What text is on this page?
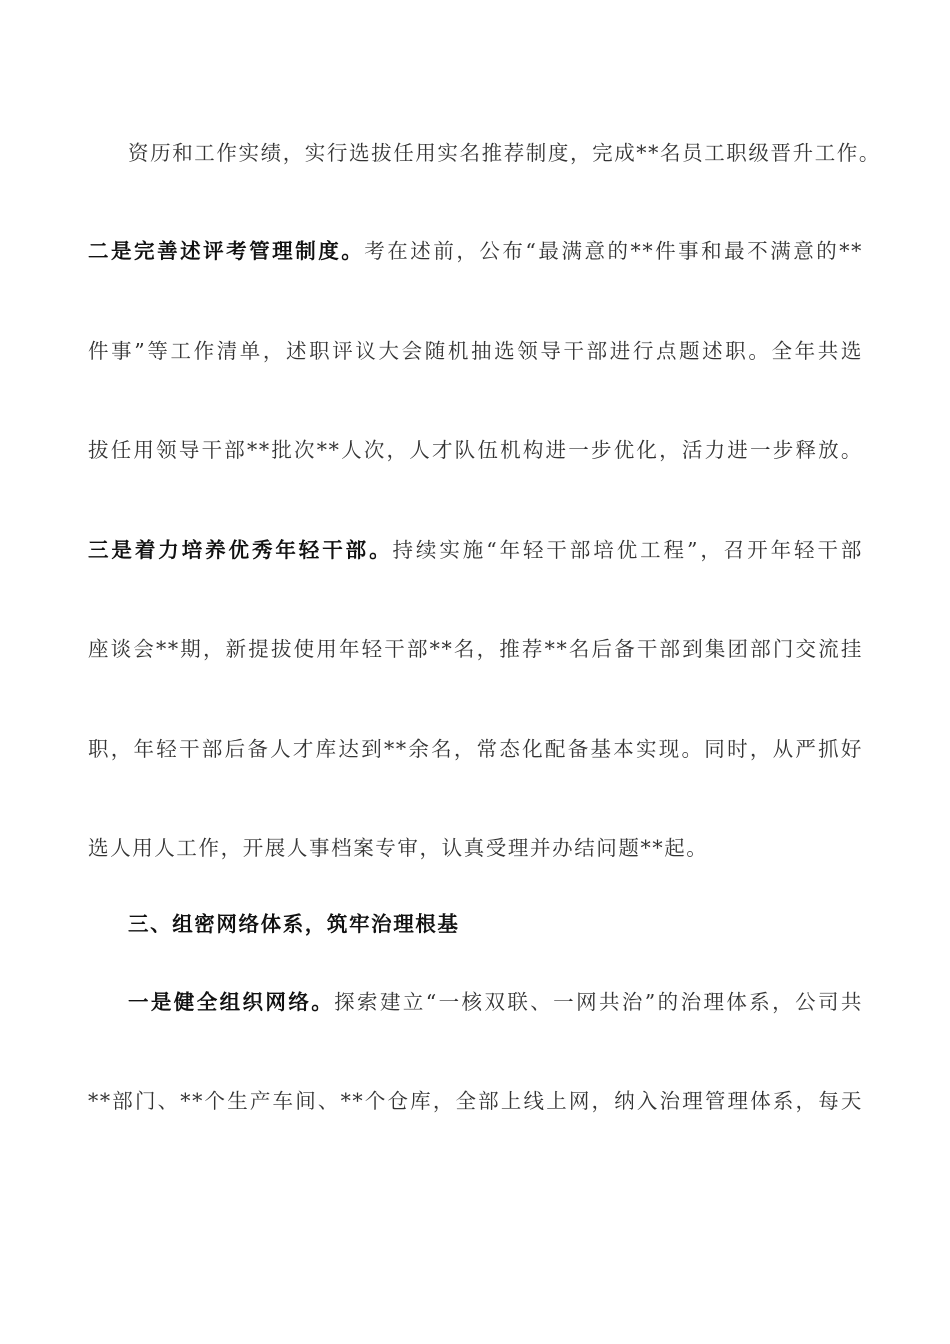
资历和工作实绩，实行选拔任用实名推荐制度，完成**名员工职级晋升工作。
二是完善述评考管理制度。考在述前，公布“最满意的**件事和最不满意的**
件事”等工作清单，述职评议大会随机抽选领导干部进行点题述职。全年共选
拔任用领导干部**批次**人次，人才队伍机构进一步优化，活力进一步释放。
三是着力培养优秀年轻干部。持续实施“年轻干部培优工程”，召开年轻干部
座谈会**期，新提拔使用年轻干部**名，推荐**名后备干部到集团部门交流挂
职，年轻干部后备人才库达到**余名，常态化配备基本实现。同时，从严抓好
选人用人工作，开展人事档案专审，认真受理并办结问题**起。
三、组密网络体系，筑牢治理根基
一是健全组织网络。探索建立“一核双联、一网共治”的治理体系，公司共
**部门、**个生产车间、**个仓库，全部上线上网，纳入治理管理体系，每天
